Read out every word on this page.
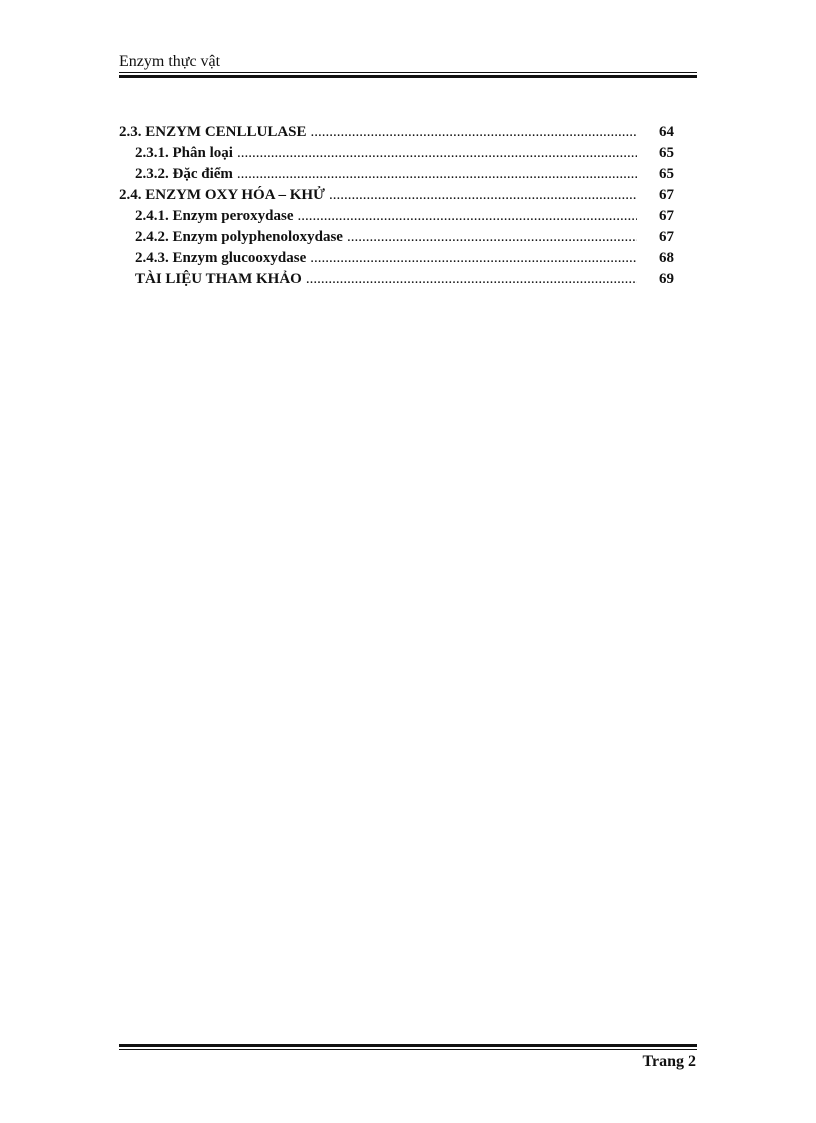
Enzym thực vật
2.3. ENZYM CENLLULASE .....	64
2.3.1. Phân loại .....	65
2.3.2. Đặc điểm .....	65
2.4. ENZYM OXY HÓA – KHỬ .....	67
2.4.1. Enzym peroxydase .....	67
2.4.2. Enzym polyphenoloxydase .....	67
2.4.3. Enzym glucooxydase .....	68
TÀI LIỆU THAM KHẢO .....	69
Trang 2
